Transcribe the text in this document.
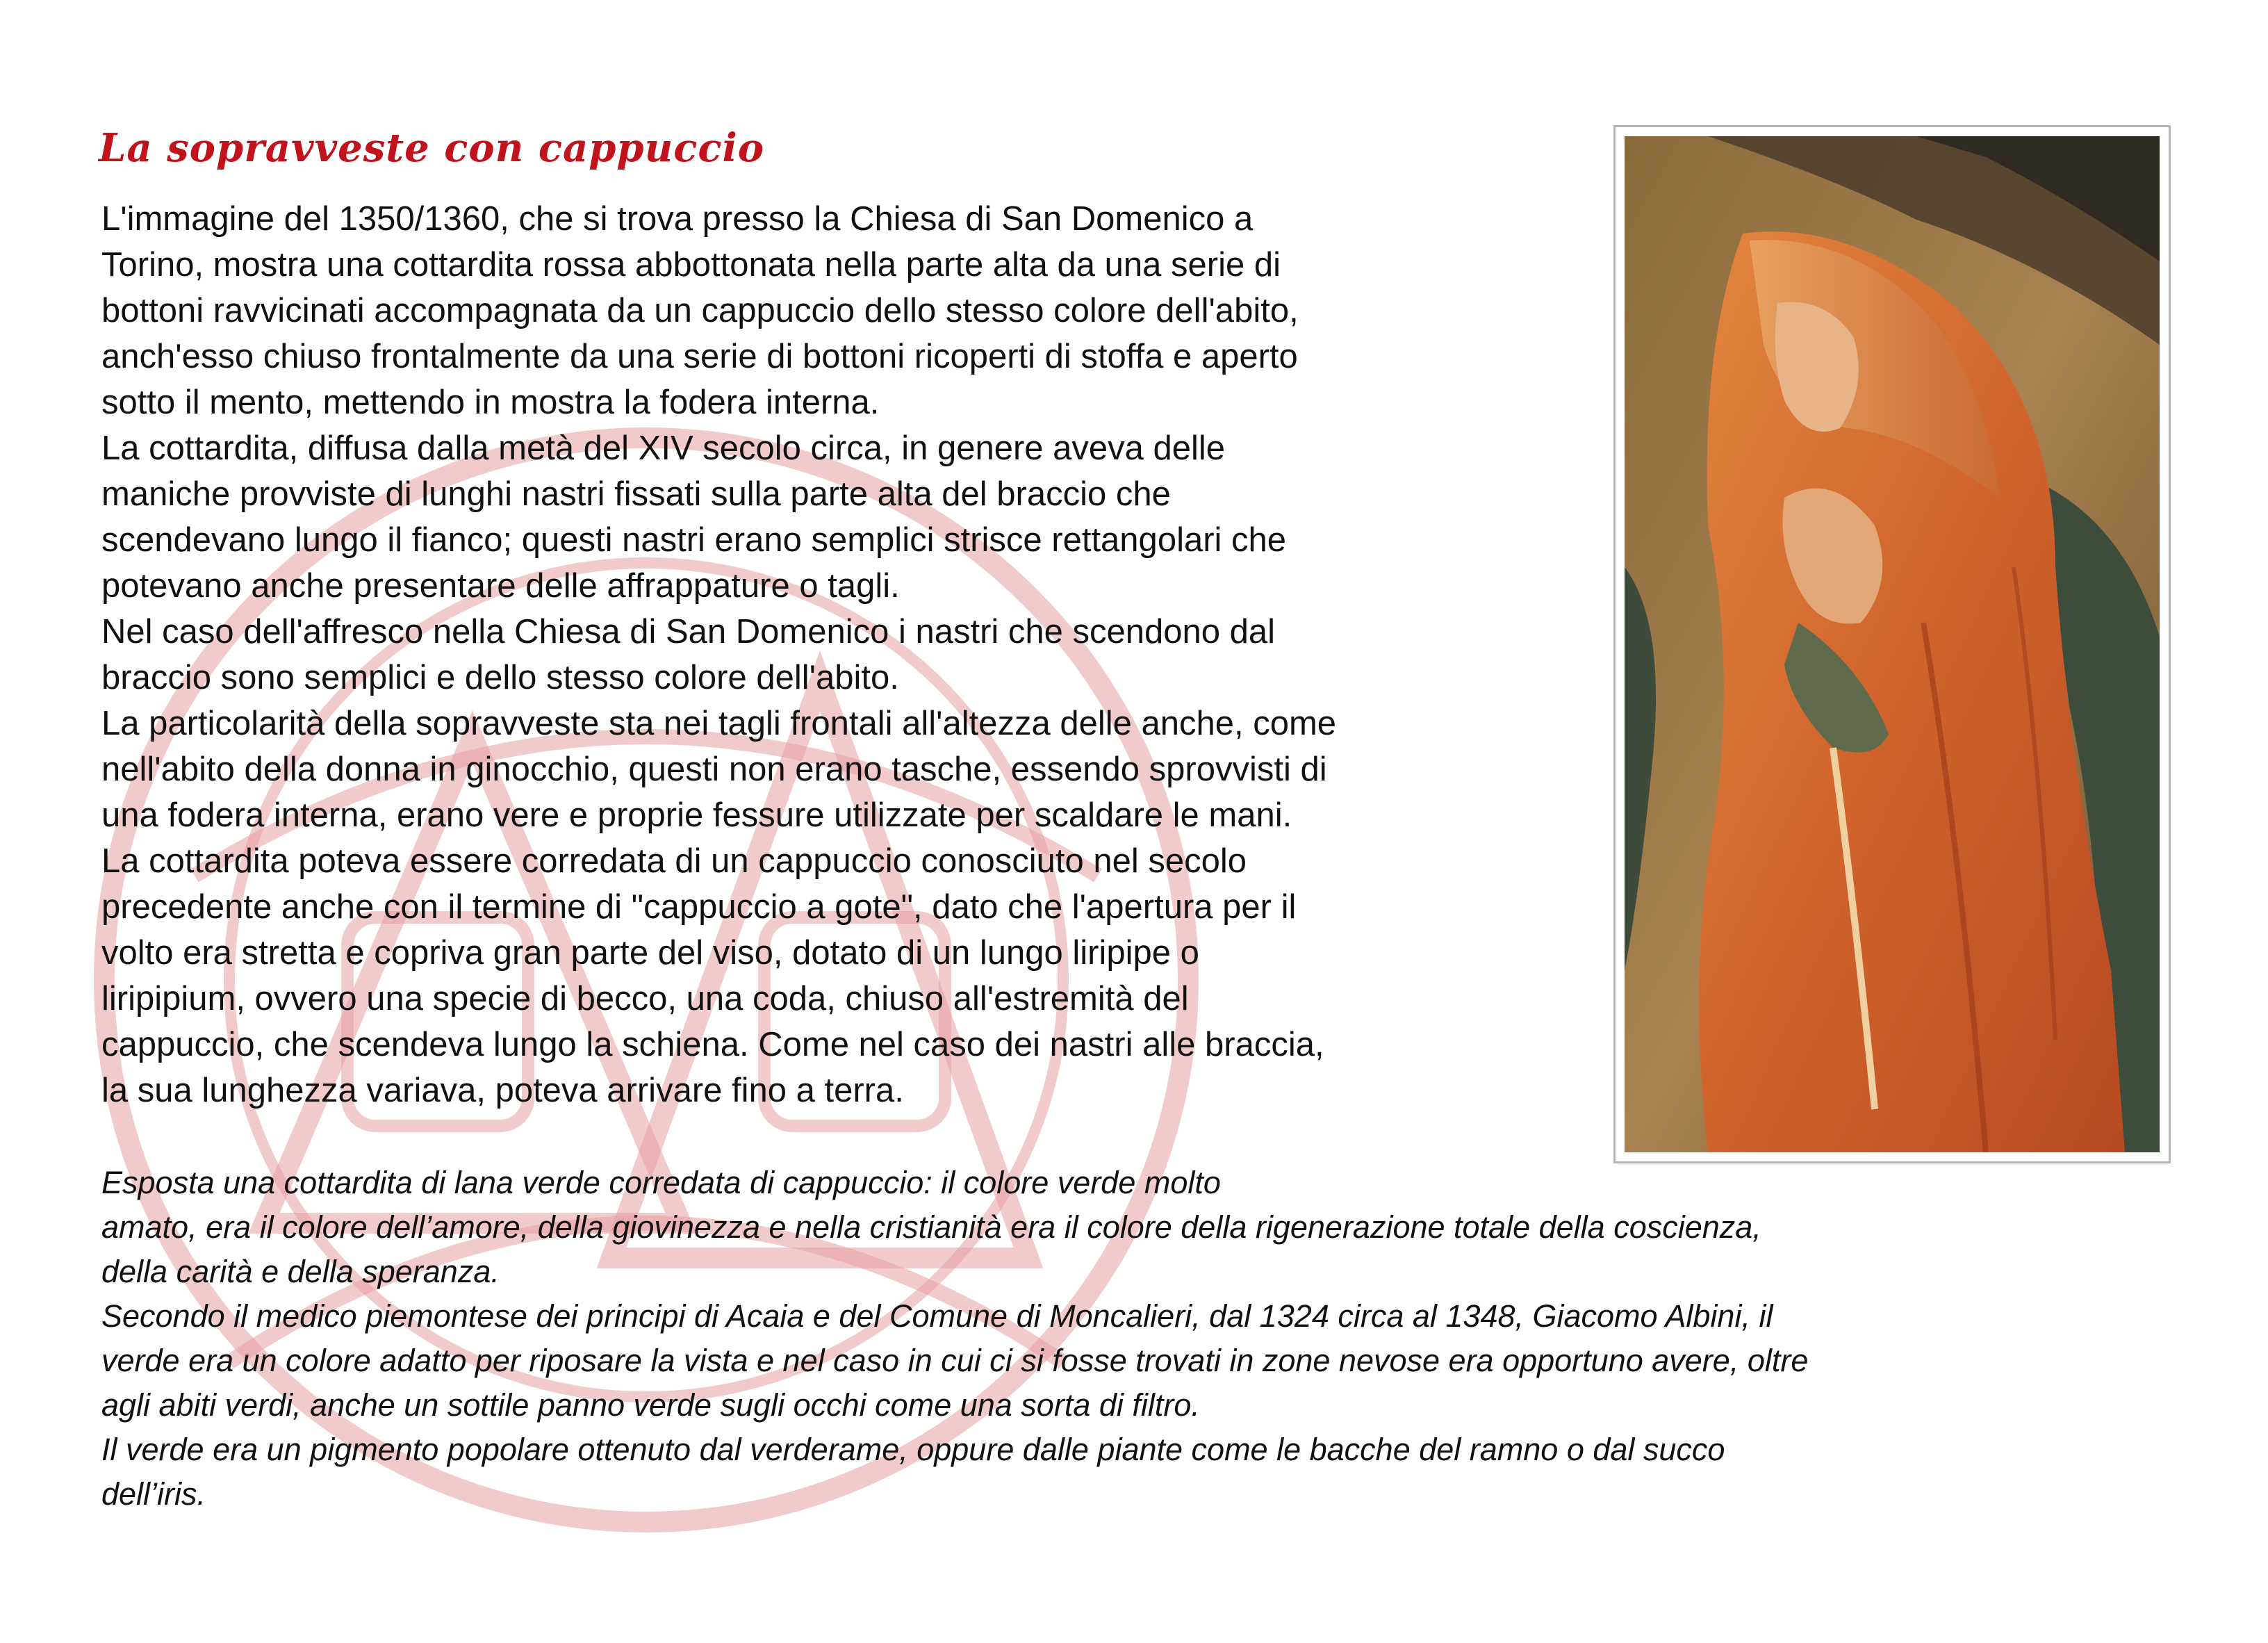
La sopravveste con cappuccio
L'immagine del 1350/1360, che si trova presso la Chiesa di San Domenico a
Torino, mostra una cottardita rossa abbottonata nella parte alta da una serie di
bottoni ravvicinati accompagnata da un cappuccio dello stesso colore dell'abito,
anch'esso chiuso frontalmente da una serie di bottoni ricoperti di stoffa e aperto
sotto il mento, mettendo in mostra la fodera interna.
La cottardita, diffusa dalla metà del XIV secolo circa, in genere aveva delle
maniche provviste di lunghi nastri fissati sulla parte alta del braccio che
scendevano lungo il fianco; questi nastri erano semplici strisce rettangolari che
potevano anche presentare delle affrappature o tagli.
Nel caso dell'affresco nella Chiesa di San Domenico i nastri che scendono dal
braccio sono semplici e dello stesso colore dell'abito.
La particolarità della sopravveste sta nei tagli frontali all'altezza delle anche, come
nell'abito della donna in ginocchio, questi non erano tasche, essendo sprovvisti di
una fodera interna, erano vere e proprie fessure utilizzate per scaldare le mani.
La cottardita poteva essere corredata di un cappuccio conosciuto nel secolo
precedente anche con il termine di "cappuccio a gote", dato che l'apertura per il
volto era stretta e copriva gran parte del viso, dotato di un lungo liripipe o
liripipium, ovvero una specie di becco, una coda, chiuso all'estremità del
cappuccio, che scendeva lungo la schiena. Come nel caso dei nastri alle braccia,
la sua lunghezza variava, poteva arrivare fino a terra.
Esposta una cottardita di lana verde corredata di cappuccio: il colore verde molto
amato, era il colore dell’amore, della giovinezza e nella cristianità era il colore della rigenerazione totale della coscienza,
della carità e della speranza.
Secondo il medico piemontese dei principi di Acaia e del Comune di Moncalieri, dal 1324 circa al 1348, Giacomo Albini, il
verde era un colore adatto per riposare la vista e nel caso in cui ci si fosse trovati in zone nevose era opportuno avere, oltre
agli abiti verdi, anche un sottile panno verde sugli occhi come una sorta di filtro.
Il verde era un pigmento popolare ottenuto dal verderame, oppure dalle piante come le bacche del ramno o dal succo
dell’iris.
